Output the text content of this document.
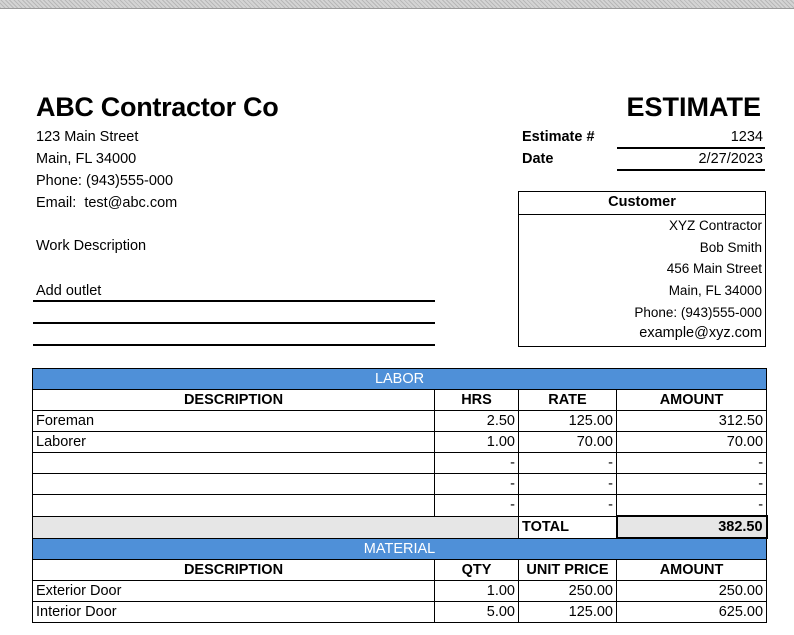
ABC Contractor Co	ESTIMATE
123 Main Street
Main, FL 34000
Phone: (943)555-000
Email:  test@abc.com
Work Description
Add outlet
Estimate #	1234
Date	2/27/2023
Customer
XYZ Contractor
Bob Smith
456 Main Street
Main, FL 34000
Phone: (943)555-000
example@xyz.com
LABOR			
DESCRIPTION	HRS	RATE	AMOUNT
Foreman	2.50	125.00	312.50
Laborer	1.00	70.00	70.00
	-	-	-
	-	-	-
	-	-	-
		TOTAL	382.50
MATERIAL			
DESCRIPTION	QTY	UNIT PRICE	AMOUNT
Exterior Door	1.00	250.00	250.00
Interior Door	5.00	125.00	625.00
